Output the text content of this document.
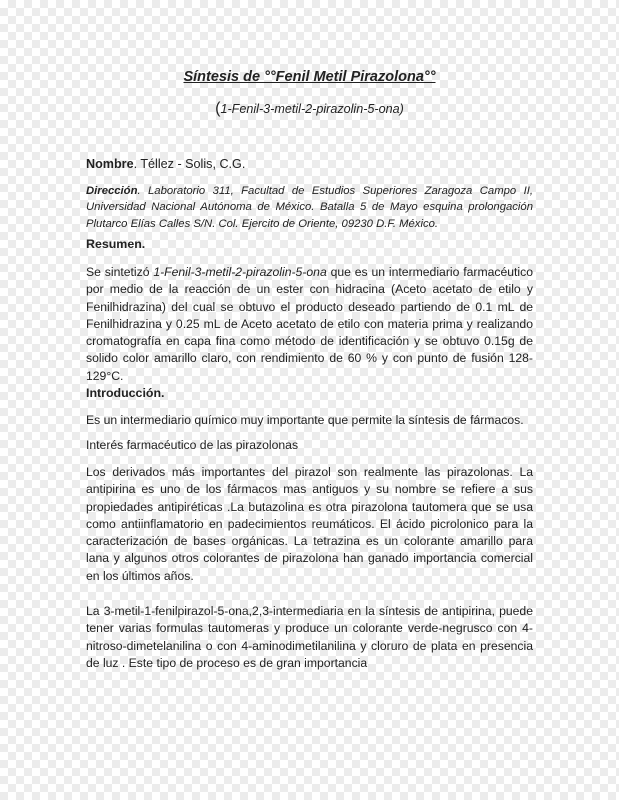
Síntesis de °°Fenil Metil Pirazolona°°
(1-Fenil-3-metil-2-pirazolin-5-ona)

Nombre. Téllez - Solis, C.G.

Dirección. Laboratorio 311, Facultad de Estudios Superiores Zaragoza Campo II, Universidad Nacional Autónoma de México. Batalla 5 de Mayo esquina prolongación Plutarco Elías Calles S/N. Col. Ejercito de Oriente, 09230 D.F. México.

Resumen.

Se sintetizó 1-Fenil-3-metil-2-pirazolin-5-ona que es un intermediario farmacéutico por medio de la reacción de un ester con hidracina (Aceto acetato de etilo y Fenilhidrazina) del cual se obtuvo el producto deseado partiendo de 0.1 mL de Fenilhidrazina y 0.25 mL de Aceto acetato de etilo con materia prima y realizando cromatografía en capa fina como método de identificación y se obtuvo 0.15g de solido color amarillo claro, con rendimiento de 60 % y con punto de fusión 128-129°C.

Introducción.

Es un intermediario químico muy importante que permite la síntesis de fármacos.

Interés farmacéutico de las pirazolonas

Los derivados más importantes del pirazol son realmente las pirazolonas. La antipirina es uno de los fármacos mas antiguos y su nombre se refiere a sus propiedades antipiréticas .La butazolina es otra pirazolona tautomera que se usa como antiinflamatorio en padecimientos reumáticos. El ácido picrolonico para la caracterización de bases orgánicas. La tetrazina es un colorante amarillo para lana y algunos otros colorantes de pirazolona han ganado importancia comercial en los últimos años.

La 3-metil-1-fenilpirazol-5-ona,2,3-intermediaria en la síntesis de antipirina, puede tener varias formulas tautomeras y produce un colorante verde-negrusco con 4-nitroso-dimetelanilina o con 4-aminodimetilanilina y cloruro de plata en presencia de luz . Este tipo de proceso es de gran importancia
